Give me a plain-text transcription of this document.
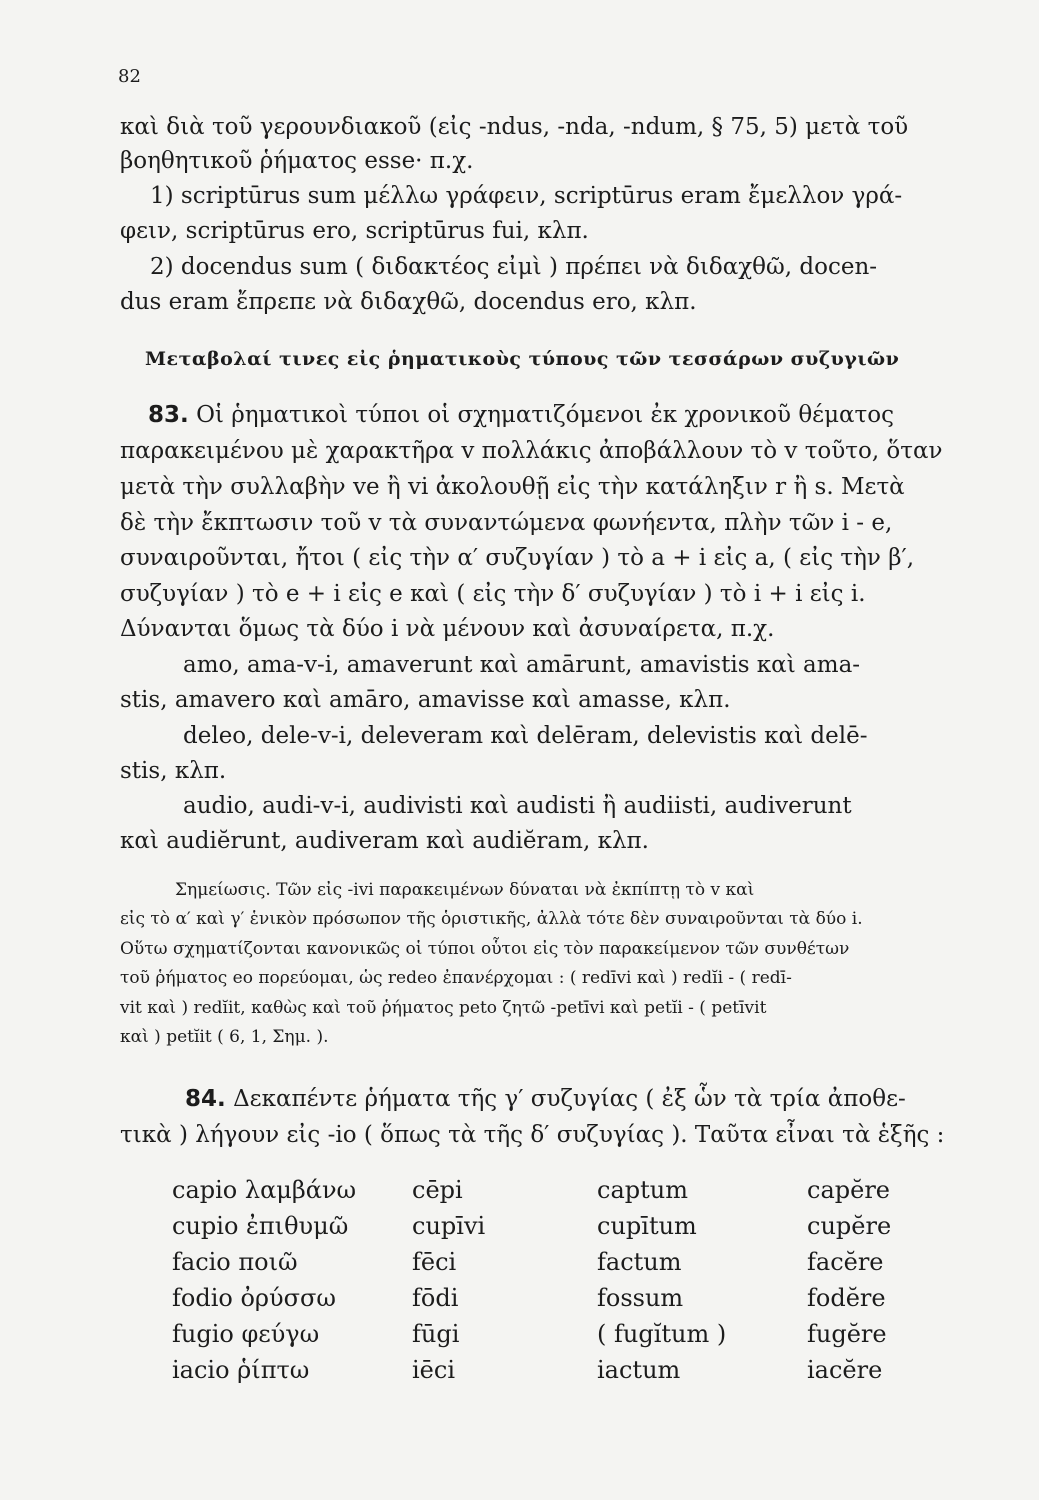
82
καὶ διὰ τοῦ γερουνδιακοῦ (εἰς -ndus, -nda, -ndum, § 75, 5) μετὰ τοῦ
βοηθητικοῦ ῥήματος esse· π.χ.
1) scriptūrus sum μέλλω γράφειν, scriptūrus eram ἔμελλον γρά-
φειν, scriptūrus ero, scriptūrus fui, κλπ.
2) docendus sum ( διδακτέος εἰμὶ ) πρέπει νὰ διδαχθῶ, docen-
dus eram ἔπρεπε νὰ διδαχθῶ, docendus ero, κλπ.
Μεταβολαί τινες εἰς ῥηματικοὺς τύπους τῶν τεσσάρων συζυγιῶν
83. Οἱ ῥηματικοὶ τύποι οἱ σχηματιζόμενοι ἐκ χρονικοῦ θέματος
παρακειμένου μὲ χαρακτῆρα v πολλάκις ἀποβάλλουν τὸ v τοῦτο, ὅταν
μετὰ τὴν συλλαβὴν ve ἢ vi ἀκολουθῇ εἰς τὴν κατάληξιν r ἢ s. Μετὰ
δὲ τὴν ἔκπτωσιν τοῦ v τὰ συναντώμενα φωνήεντα, πλὴν τῶν i - e,
συναιροῦνται, ἤτοι ( εἰς τὴν α′ συζυγίαν ) τὸ a + i εἰς a, ( εἰς τὴν β′,
συζυγίαν ) τὸ e + i εἰς e καὶ ( εἰς τὴν δ′ συζυγίαν ) τὸ i + i εἰς i.
Δύνανται ὅμως τὰ δύο i νὰ μένουν καὶ ἀσυναίρετα, π.χ.
amo, ama-v-i, amaverunt καὶ amārunt, amavistis καὶ ama-
stis, amavero καὶ amāro, amavisse καὶ amasse, κλπ.
deleo, dele-v-i, deleveram καὶ delēram, delevistis καὶ delē-
stis, κλπ.
audio, audi-v-i, audivisti καὶ audisti ἢ audiisti, audiverunt
καὶ audiĕrunt, audiveram καὶ audiĕram, κλπ.
Σημείωσις. Τῶν εἰς -ivi παρακειμένων δύναται νὰ ἐκπίπτῃ τὸ v καὶ
εἰς τὸ α′ καὶ γ′ ἑνικὸν πρόσωπον τῆς ὁριστικῆς, ἀλλὰ τότε δὲν συναιροῦνται τὰ δύο i.
Οὕτω σχηματίζονται κανονικῶς οἱ τύποι οὗτοι εἰς τὸν παρακείμενον τῶν συνθέτων
τοῦ ῥήματος eo πορεύομαι, ὡς redeo ἐπανέρχομαι : ( redīvi καὶ ) redĭi - ( redī-
vit καὶ ) redĭit, καθὼς καὶ τοῦ ῥήματος peto ζητῶ -petīvi καὶ petĭi - ( petīvit
καὶ ) petĭit ( 6, 1, Σημ. ).
84. Δεκαπέντε ῥήματα τῆς γ′ συζυγίας ( ἐξ ὧν τὰ τρία ἀποθε-
τικὰ ) λήγουν εἰς -io ( ὅπως τὰ τῆς δ′ συζυγίας ). Ταῦτα εἶναι τὰ ἑξῆς :
capio λαμβάνω cēpi	captum	capĕre
cupio ἐπιθυμῶ	cupīvi	cupītum	cupĕre
facio ποιῶ	fēci	factum	facĕre
fodio ὀρύσσω	fōdi	fossum	fodĕre
fugio φεύγω	fūgi	( fugĭtum )	fugĕre
iacio ῥίπτω	iēci	iactum	iacĕre
